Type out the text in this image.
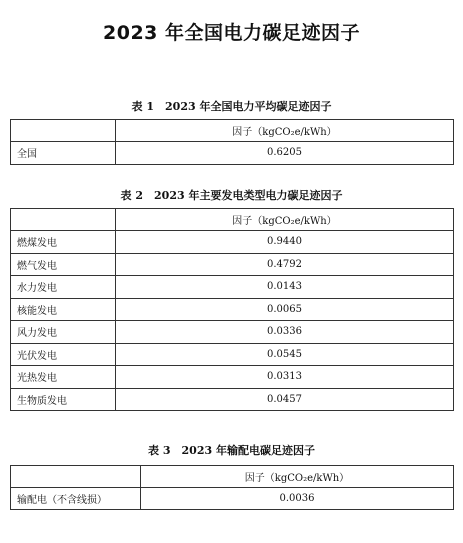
2023 年全国电力碳足迹因子
表 1　2023 年全国电力平均碳足迹因子
	因子（kgCO₂e/kWh）
全国	0.6205
表 2　2023 年主要发电类型电力碳足迹因子
	因子（kgCO₂e/kWh）
燃煤发电	0.9440
燃气发电	0.4792
水力发电	0.0143
核能发电	0.0065
风力发电	0.0336
光伏发电	0.0545
光热发电	0.0313
生物质发电	0.0457
表 3　2023 年输配电碳足迹因子
	因子（kgCO₂e/kWh）
输配电（不含线损）	0.0036
